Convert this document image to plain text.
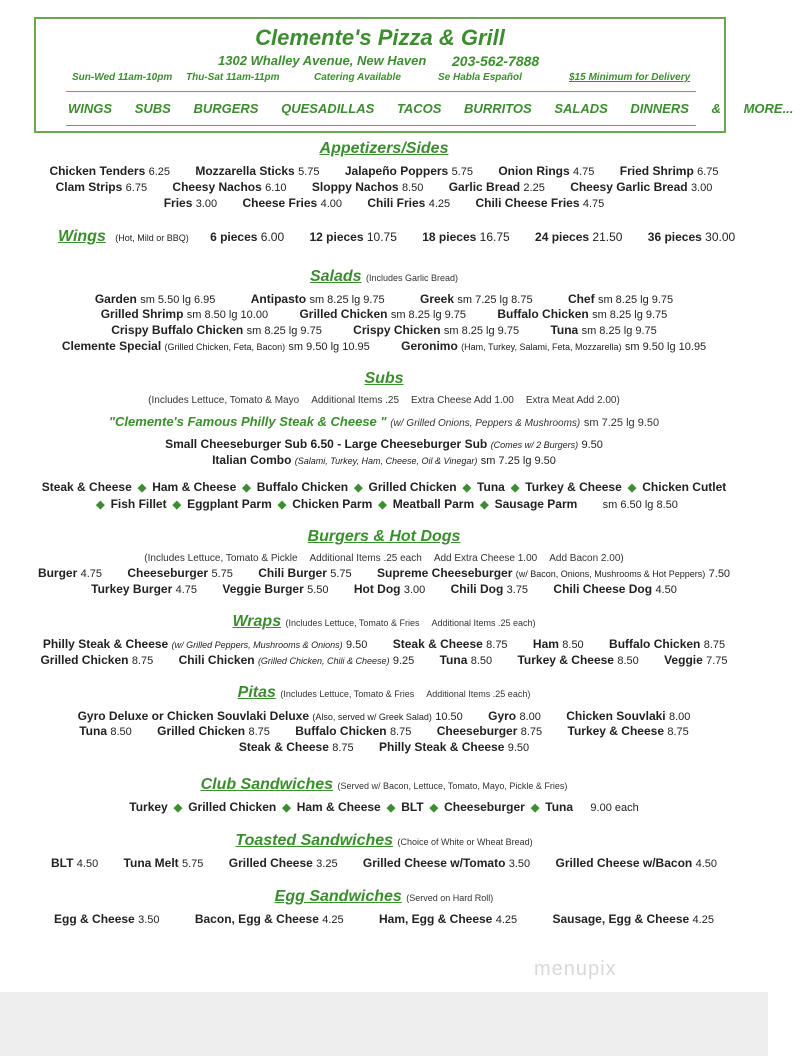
Clemente's Pizza & Grill
1302 Whalley Avenue, New Haven 203-562-7888
Sun-Wed 11am-10pm Thu-Sat 11am-11pm	Catering Available	Se Habla Español	$15 Minimum for Delivery
WINGS SUBS BURGERS QUESADILLAS TACOS BURRITOS SALADS DINNERS & MORE...
Appetizers/Sides
Chicken Tenders 6.25 Mozzarella Sticks 5.75 Jalapeño Poppers 5.75 Onion Rings 4.75 Fried Shrimp 6.75
Clam Strips 6.75 Cheesy Nachos 6.10 Sloppy Nachos 8.50 Garlic Bread 2.25 Cheesy Garlic Bread 3.00
Fries 3.00 Cheese Fries 4.00 Chili Fries 4.25 Chili Cheese Fries 4.75
Wings (Hot, Mild or BBQ) 6 pieces 6.00 12 pieces 10.75 18 pieces 16.75 24 pieces 21.50 36 pieces 30.00
Salads (Includes Garlic Bread)
Garden sm 5.50 lg 6.95	Antipasto sm 8.25 lg 9.75	Greek sm 7.25 lg 8.75	Chef sm 8.25 lg 9.75
Grilled Shrimp sm 8.50 lg 10.00	Grilled Chicken sm 8.25 lg 9.75	Buffalo Chicken sm 8.25 lg 9.75
Crispy Buffalo Chicken sm 8.25 lg 9.75	Crispy Chicken sm 8.25 lg 9.75	Tuna sm 8.25 lg 9.75
Clemente Special (Grilled Chicken, Feta, Bacon) sm 9.50 lg 10.95	Geronimo (Ham, Turkey, Salami, Feta, Mozzarella) sm 9.50 lg 10.95
Subs
(Includes Lettuce, Tomato & Mayo Additional Items .25 Extra Cheese Add 1.00 Extra Meat Add 2.00)
"Clemente's Famous Philly Steak & Cheese " (w/ Grilled Onions, Peppers & Mushrooms) sm 7.25 lg 9.50
Small Cheeseburger Sub 6.50 - Large Cheeseburger Sub (Comes w/ 2 Burgers) 9.50
Italian Combo (Salami, Turkey, Ham, Cheese, Oil & Vinegar) sm 7.25 lg 9.50
Steak & Cheese ◆ Ham & Cheese ◆ Buffalo Chicken ◆ Grilled Chicken ◆ Tuna ◆ Turkey & Cheese ◆ Chicken Cutlet
◆ Fish Fillet ◆ Eggplant Parm ◆ Chicken Parm ◆ Meatball Parm ◆ Sausage Parm sm 6.50 lg 8.50
Burgers & Hot Dogs
(Includes Lettuce, Tomato & Pickle Additional Items .25 each Add Extra Cheese 1.00 Add Bacon 2.00)
Burger 4.75 Cheeseburger 5.75 Chili Burger 5.75 Supreme Cheeseburger (w/ Bacon, Onions, Mushrooms & Hot Peppers) 7.50
Turkey Burger 4.75 Veggie Burger 5.50 Hot Dog 3.00 Chili Dog 3.75 Chili Cheese Dog 4.50
Wraps (Includes Lettuce, Tomato & Fries     Additional Items .25 each)
Philly Steak & Cheese (w/ Grilled Peppers, Mushrooms & Onions) 9.50 Steak & Cheese 8.75 Ham 8.50 Buffalo Chicken 8.75
Grilled Chicken 8.75 Chili Chicken (Grilled Chicken, Chili & Cheese) 9.25 Tuna 8.50 Turkey & Cheese 8.50 Veggie 7.75
Pitas (Includes Lettuce, Tomato & Fries     Additional Items .25 each)
Gyro Deluxe or Chicken Souvlaki Deluxe (Also, served w/ Greek Salad) 10.50 Gyro 8.00 Chicken Souvlaki 8.00
Tuna 8.50 Grilled Chicken 8.75 Buffalo Chicken 8.75 Cheeseburger 8.75 Turkey & Cheese 8.75
Steak & Cheese 8.75 Philly Steak & Cheese 9.50
Club Sandwiches (Served w/ Bacon, Lettuce, Tomato, Mayo, Pickle & Fries)
Turkey ◆ Grilled Chicken ◆ Ham & Cheese ◆ BLT ◆ Cheeseburger ◆ Tuna 9.00 each
Toasted Sandwiches (Choice of White or Wheat Bread)
BLT 4.50 Tuna Melt 5.75 Grilled Cheese 3.25 Grilled Cheese w/Tomato 3.50 Grilled Cheese w/Bacon 4.50
Egg Sandwiches (Served on Hard Roll)
Egg & Cheese 3.50	Bacon, Egg & Cheese 4.25	Ham, Egg & Cheese 4.25	Sausage, Egg & Cheese 4.25
menupix
